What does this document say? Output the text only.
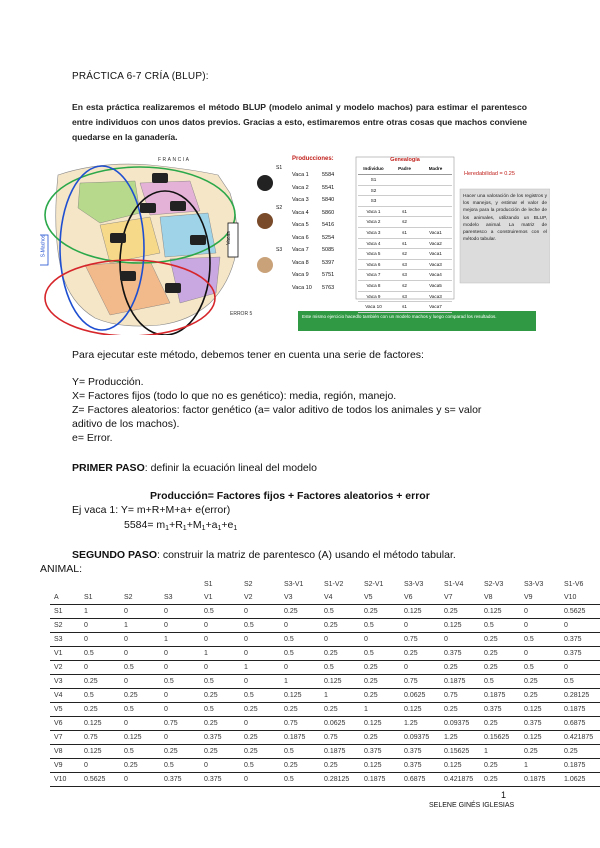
PRÁCTICA 6-7 CRÍA (BLUP):
En esta práctica realizaremos el método BLUP (modelo animal y modelo machos) para estimar el parentesco entre individuos con unos datos previos. Gracias a esto, estimaremos entre otras cosas que machos conviene quedarse en la ganadería.
FRANCIA
S-Machos	Vacas
S1
S2
S3
ERROR 5
Producciones:
Vaca 1	5584
Vaca 2	5541
Vaca 3	5840
Vaca 4	5860
Vaca 5	5416
Vaca 6	5254
Vaca 7	5085
Vaca 8	5397
Vaca 9	5751
Vaca 10	5763
Genealogía
Individuo	Padre	Madre
S1
S2
S3
Vaca 1	s1
Vaca 2	s2
Vaca 3	s1	Vaca1
Vaca 4	s1	Vaca2
Vaca 5	s2	Vaca1
Vaca 6	s3	Vaca3
Vaca 7	s3	Vaca4
Vaca 8	s2	Vaca5
Vaca 9	s3	Vaca3
Vaca 10	s1	Vaca7
Heredabilidad = 0.25
Hacer una valoración de los registros y los manejos, y estimar el valor de mejora para la producción de leche de los animales, utilizando un BLUP, modelo animal. La matriz de parentesco a construiremos con el método tabular.
Este mismo ejercicio hacedlo también con un modelo machos y luego comparad los resultados.
Para ejecutar este método, debemos tener en cuenta una serie de factores:
Y= Producción.
X= Factores fijos (todo lo que no es genético): media, región, manejo.
Z= Factores aleatorios: factor genético (a= valor aditivo de todos los animales y s= valor aditivo de los machos).
e= Error.
PRIMER PASO: definir la ecuación lineal del modelo
Producción= Factores fijos + Factores aleatorios + error
Ej vaca 1: Y= m+R+M+a+ e(error)
$5584= m_1+R_1+M_1+a_1+e_1$
SEGUNDO PASO: construir la matriz de parentesco (A) usando el método tabular.
ANIMAL:
				S1	S2	S3-V1	S1-V2	S2-V1	S3-V3	S1-V4	S2-V3	S3-V3	S1-V6
A	S1	S2	S3	V1	V2	V3	V4	V5	V6	V7	V8	V9	V10
S1	1	0	0	0.5	0	0.25	0.5	0.25	0.125	0.25	0.125	0	0.5625
S2	0	1	0	0	0.5	0	0.25	0.5	0	0.125	0.5	0	0
S3	0	0	1	0	0	0.5	0	0	0.75	0	0.25	0.5	0.375
V1	0.5	0	0	1	0	0.5	0.25	0.5	0.25	0.375	0.25	0	0.375
V2	0	0.5	0	0	1	0	0.5	0.25	0	0.25	0.25	0.5	0
V3	0.25	0	0.5	0.5	0	1	0.125	0.25	0.75	0.1875	0.5	0.25	0.5
V4	0.5	0.25	0	0.25	0.5	0.125	1	0.25	0.0625	0.75	0.1875	0.25	0.28125
V5	0.25	0.5	0	0.5	0.25	0.25	0.25	1	0.125	0.25	0.375	0.125	0.1875
V6	0.125	0	0.75	0.25	0	0.75	0.0625	0.125	1.25	0.09375	0.25	0.375	0.6875
V7	0.75	0.125	0	0.375	0.25	0.1875	0.75	0.25	0.09375	1.25	0.15625	0.125	0.421875
V8	0.125	0.5	0.25	0.25	0.25	0.5	0.1875	0.375	0.375	0.15625	1	0.25	0.25
V9	0	0.25	0.5	0	0.5	0.25	0.25	0.125	0.375	0.125	0.25	1	0.1875
V10	0.5625	0	0.375	0.375	0	0.5	0.28125	0.1875	0.6875	0.421875	0.25	0.1875	1.0625
1
SELENE GINÉS IGLESIAS
